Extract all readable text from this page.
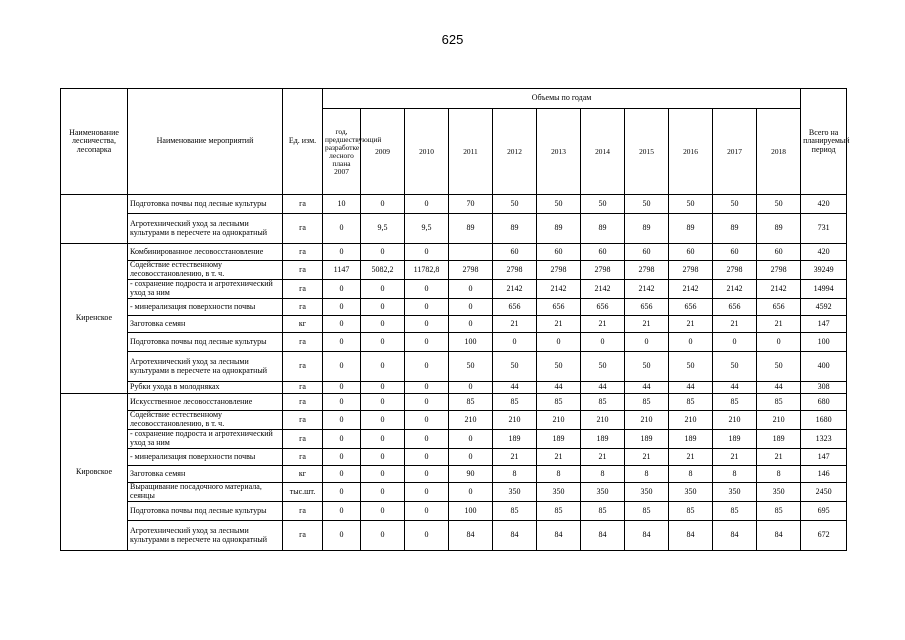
625
Наименование лесничества, лесопарка	Наименование мероприятий	Ед. изм.	Объемы по годам											Всего на планируемый период
			год, предшествующий разработке лесного плана 2007	2009	2010	2011	2012	2013	2014	2015	2016	2017	2018	
	Подготовка почвы под лесные культуры	га	10	0	0	70	50	50	50	50	50	50	50	420
	Агротехнический уход за лесными культурами в пересчете на однократный	га	0	9,5	9,5	89	89	89	89	89	89	89	89	731
Киренское	Комбинированное лесовосстановление	га	0	0	0		60	60	60	60	60	60	60	420
	Содействие естественному лесовосстановлению, в т. ч.	га	1147	5082,2	11782,8	2798	2798	2798	2798	2798	2798	2798	2798	39249
	- сохранение подроста и агротехнический уход за ним	га	0	0	0	0	2142	2142	2142	2142	2142	2142	2142	14994
	- минерализация поверхности почвы	га	0	0	0	0	656	656	656	656	656	656	656	4592
	Заготовка семян	кг	0	0	0	0	21	21	21	21	21	21	21	147
	Подготовка почвы под лесные культуры	га	0	0	0	100	0	0	0	0	0	0	0	100
	Агротехнический уход за лесными культурами в пересчете на однократный	га	0	0	0	50	50	50	50	50	50	50	50	400
	Рубки ухода в молодняках	га	0	0	0	0	44	44	44	44	44	44	44	308
Кировское	Искусственное лесовосстановление	га	0	0	0	85	85	85	85	85	85	85	85	680
	Содействие естественному лесовосстановлению, в т. ч.	га	0	0	0	210	210	210	210	210	210	210	210	1680
	- сохранение подроста и агротехнический уход за ним	га	0	0	0	0	189	189	189	189	189	189	189	1323
	- минерализация поверхности почвы	га	0	0	0	0	21	21	21	21	21	21	21	147
	Заготовка семян	кг	0	0	0	90	8	8	8	8	8	8	8	146
	Выращивание посадочного материала, сеянцы	тыс.шт.	0	0	0	0	350	350	350	350	350	350	350	2450
	Подготовка почвы под лесные культуры	га	0	0	0	100	85	85	85	85	85	85	85	695
	Агротехнический уход за лесными культурами в пересчете на однократный	га	0	0	0	84	84	84	84	84	84	84	84	672
